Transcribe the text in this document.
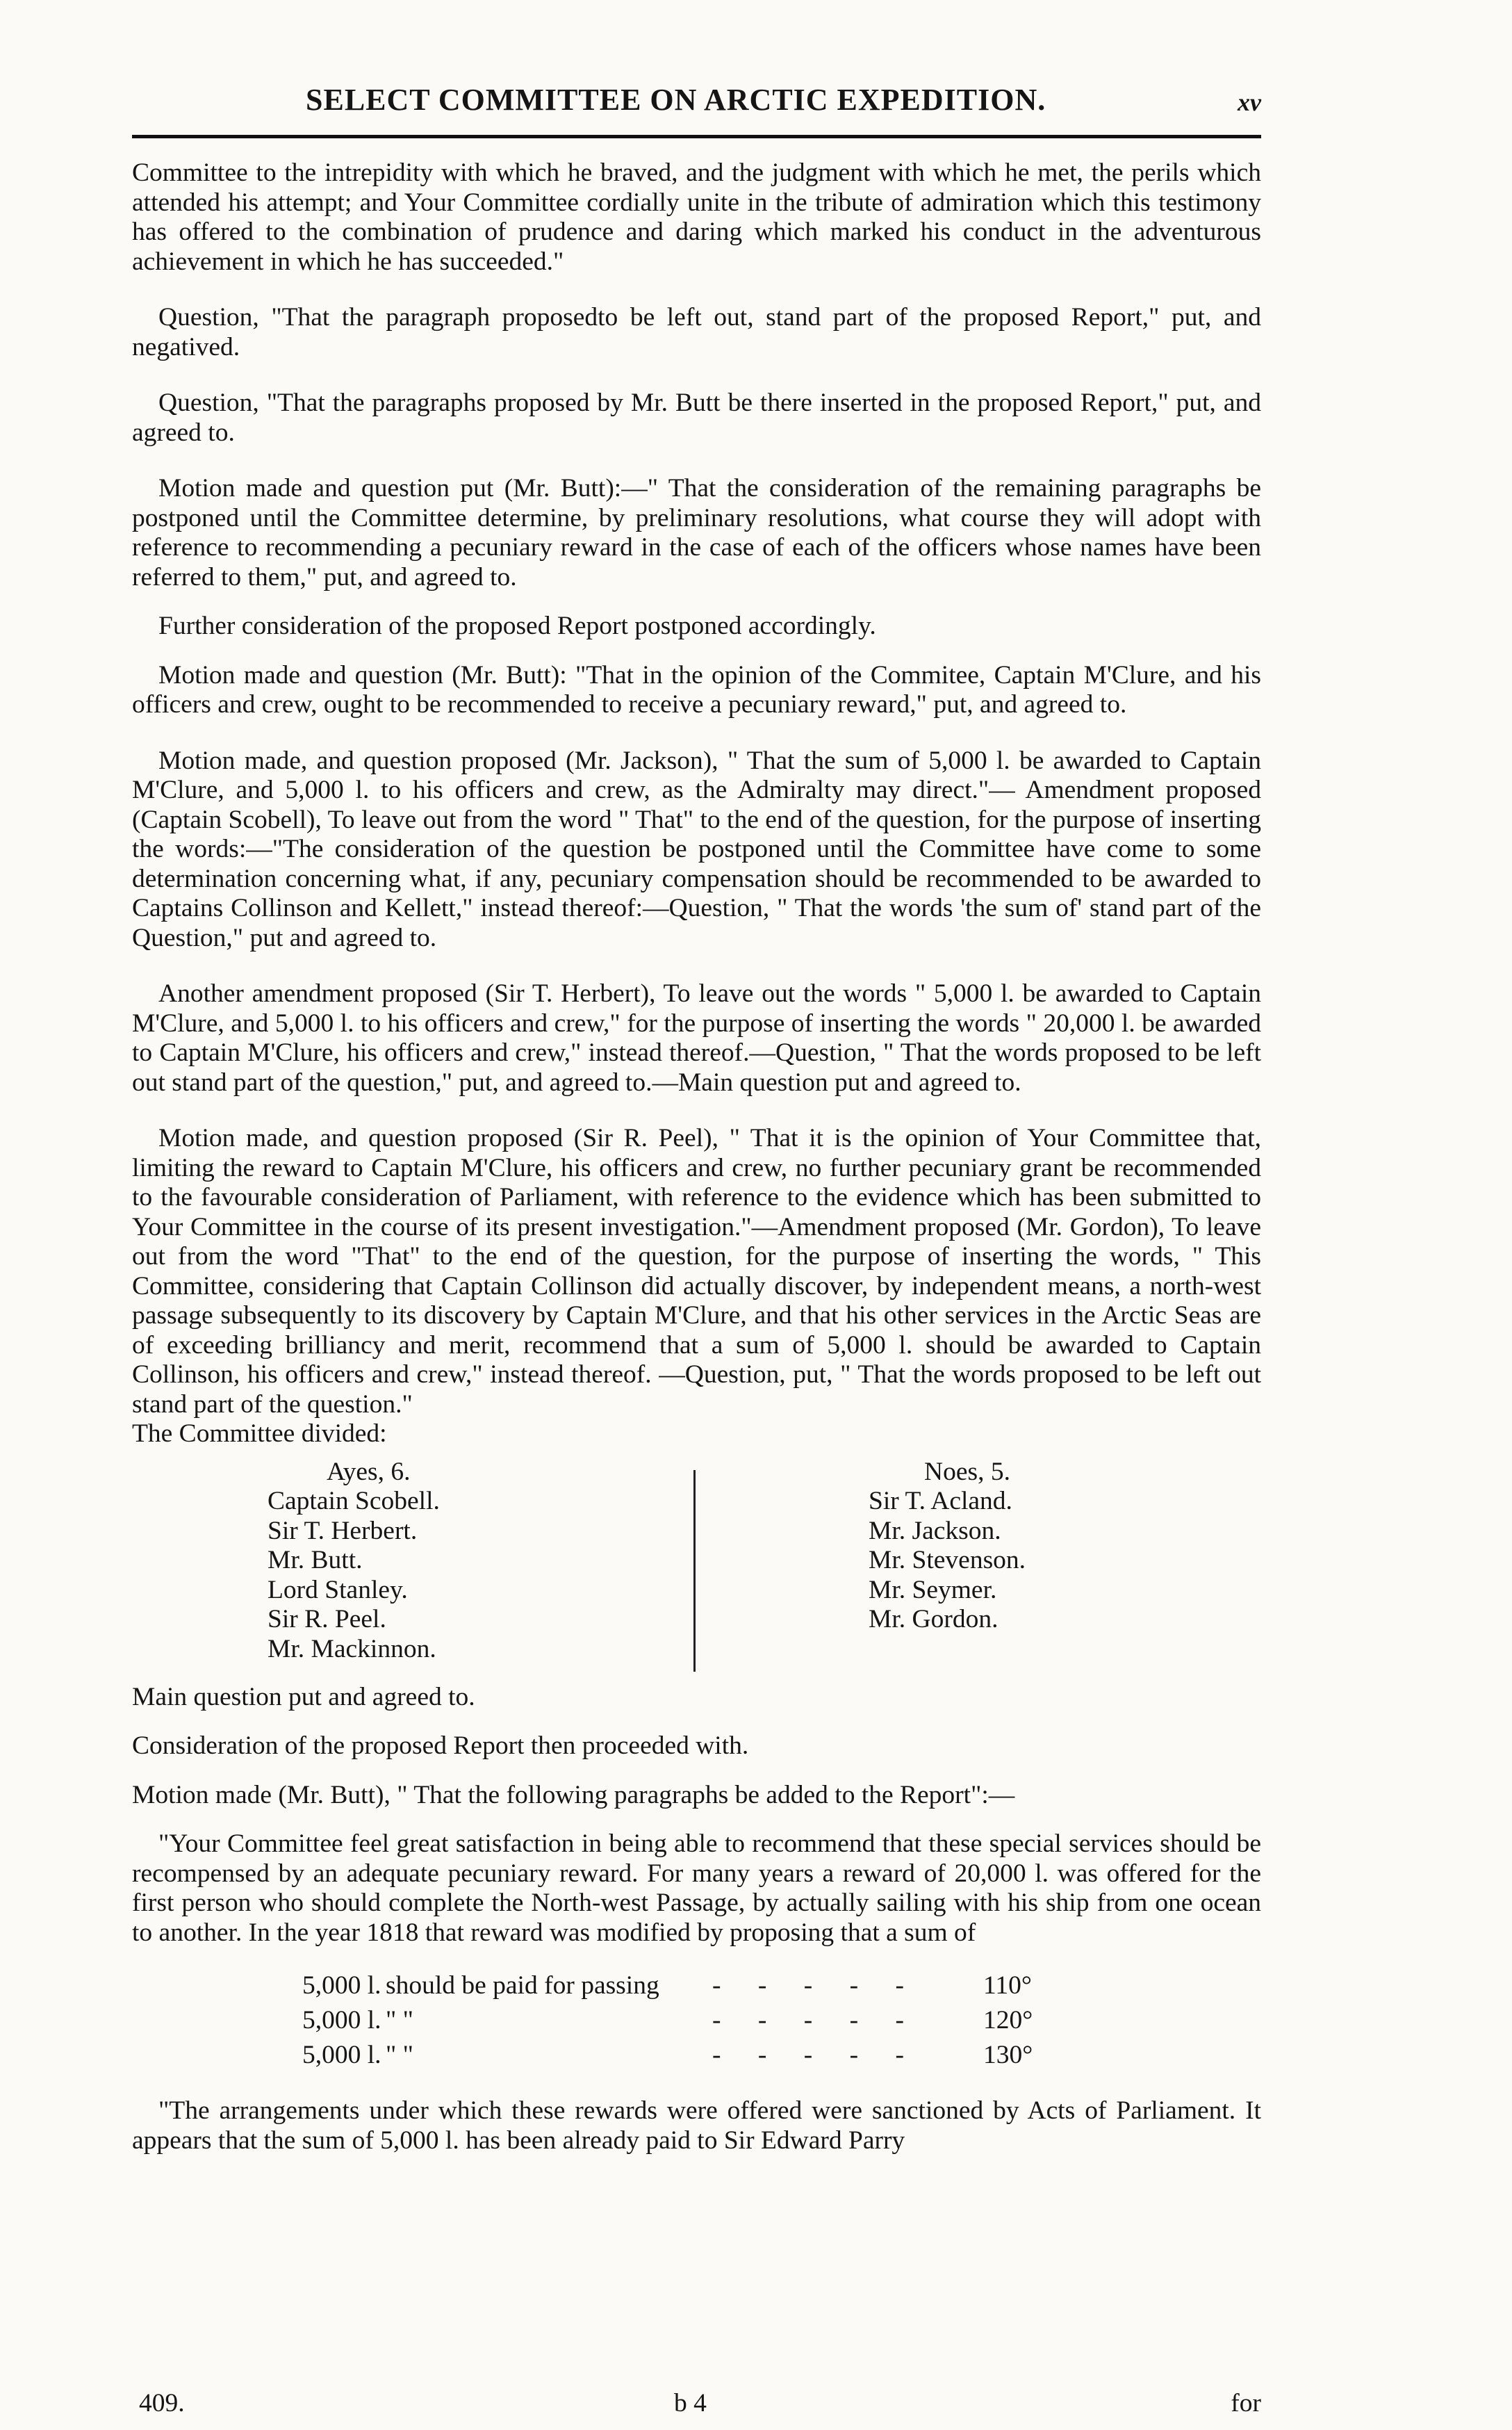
SELECT COMMITTEE ON ARCTIC EXPEDITION.	xv

Committee to the intrepidity with which he braved, and the judgment with which he met, the perils which attended his attempt; and Your Committee cordially unite in the tribute of admiration which this testimony has offered to the combination of prudence and daring which marked his conduct in the adventurous achievement in which he has succeeded."

Question, "That the paragraph proposedto be left out, stand part of the proposed Report," put, and negatived.

Question, "That the paragraphs proposed by Mr. Butt be there inserted in the proposed Report," put, and agreed to.

Motion made and question put (Mr. Butt):—" That the consideration of the remaining paragraphs be postponed until the Committee determine, by preliminary resolutions, what course they will adopt with reference to recommending a pecuniary reward in the case of each of the officers whose names have been referred to them," put, and agreed to.

Further consideration of the proposed Report postponed accordingly.

Motion made and question (Mr. Butt): "That in the opinion of the Commitee, Captain M'Clure, and his officers and crew, ought to be recommended to receive a pecuniary reward," put, and agreed to.

Motion made, and question proposed (Mr. Jackson), " That the sum of 5,000 l. be awarded to Captain M'Clure, and 5,000 l. to his officers and crew, as the Admiralty may direct."— Amendment proposed (Captain Scobell), To leave out from the word " That" to the end of the question, for the purpose of inserting the words:—"The consideration of the question be postponed until the Committee have come to some determination concerning what, if any, pecuniary compensation should be recommended to be awarded to Captains Collinson and Kellett," instead thereof:—Question, " That the words 'the sum of' stand part of the Question," put and agreed to.

Another amendment proposed (Sir T. Herbert), To leave out the words " 5,000 l. be awarded to Captain M'Clure, and 5,000 l. to his officers and crew," for the purpose of inserting the words " 20,000 l. be awarded to Captain M'Clure, his officers and crew," instead thereof.—Question, " That the words proposed to be left out stand part of the question," put, and agreed to.—Main question put and agreed to.

Motion made, and question proposed (Sir R. Peel), " That it is the opinion of Your Committee that, limiting the reward to Captain M'Clure, his officers and crew, no further pecuniary grant be recommended to the favourable consideration of Parliament, with reference to the evidence which has been submitted to Your Committee in the course of its present investigation."—Amendment proposed (Mr. Gordon), To leave out from the word "That" to the end of the question, for the purpose of inserting the words, " This Committee, considering that Captain Collinson did actually discover, by independent means, a north-west passage subsequently to its discovery by Captain M'Clure, and that his other services in the Arctic Seas are of exceeding brilliancy and merit, recommend that a sum of 5,000 l. should be awarded to Captain Collinson, his officers and crew," instead thereof. —Question, put, " That the words proposed to be left out stand part of the question."

The Committee divided:

Ayes, 6.
Captain Scobell.
Sir T. Herbert.
Mr. Butt.
Lord Stanley.
Sir R. Peel.
Mr. Mackinnon.
Noes, 5.
Sir T. Acland.
Mr. Jackson.
Mr. Stevenson.
Mr. Seymer.
Mr. Gordon.

Main question put and agreed to.

Consideration of the proposed Report then proceeded with.

Motion made (Mr. Butt), " That the following paragraphs be added to the Report":—

"Your Committee feel great satisfaction in being able to recommend that these special services should be recompensed by an adequate pecuniary reward. For many years a reward of 20,000 l. was offered for the first person who should complete the North-west Passage, by actually sailing with his ship from one ocean to another. In the year 1818 that reward was modified by proposing that a sum of

5,000 l. should be paid for passing - - - - -	110°
5,000 l. " "	- - - - -	120°
5,000 l. " "	- - - - -	130°

"The arrangements under which these rewards were offered were sanctioned by Acts of Parliament. It appears that the sum of 5,000 l. has been already paid to Sir Edward Parry

409.	b 4	for
